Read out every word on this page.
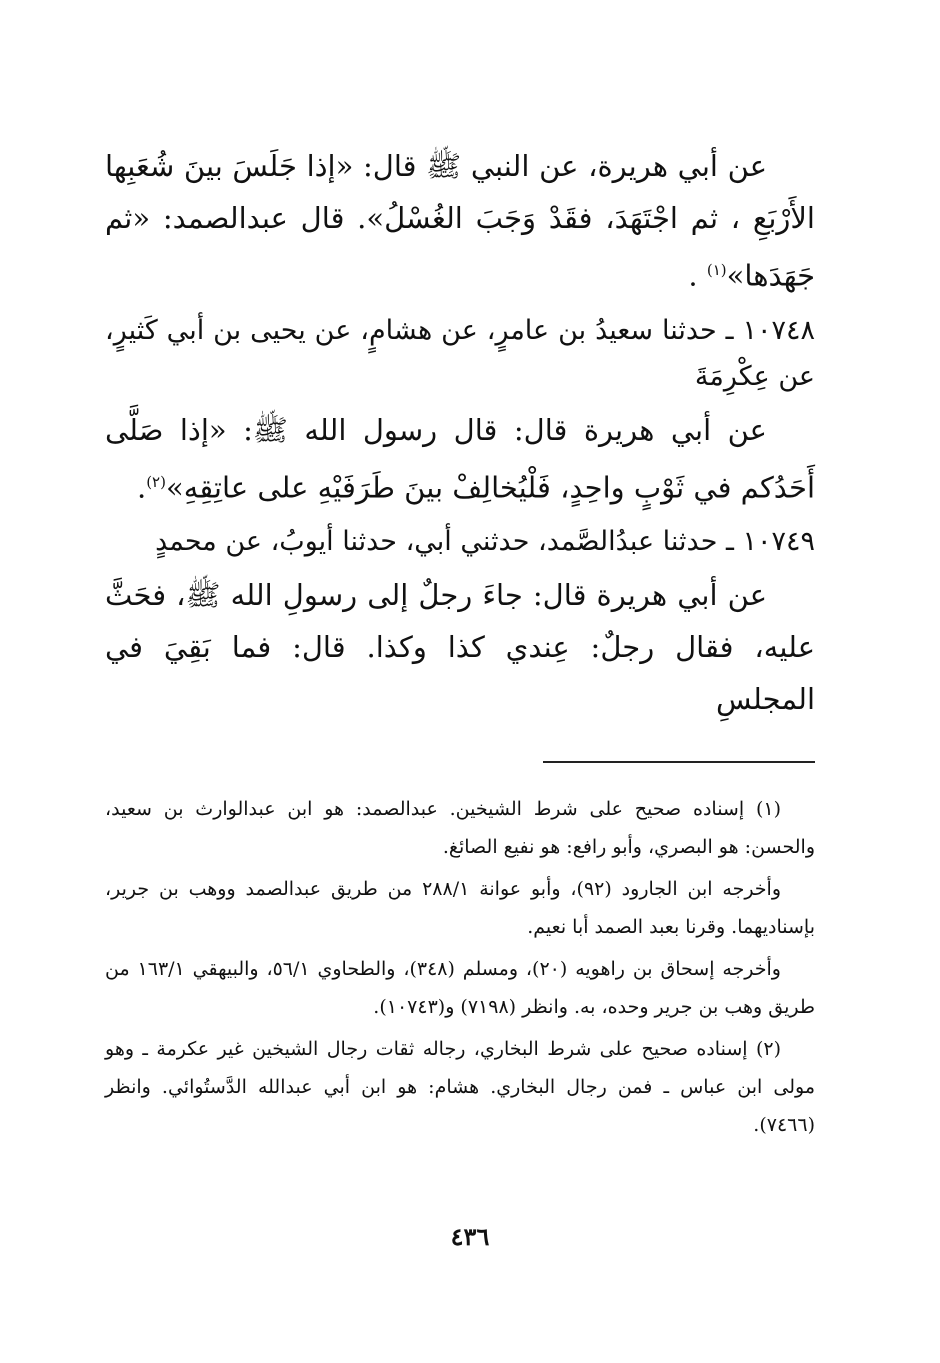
عن أبي هريرة، عن النبي ﷺ قال: «إذا جَلَسَ بينَ شُعَبِها الأَرْبَعِ ، ثم اجْتَهَدَ، فقَدْ وَجَبَ الغُسْلُ». قال عبدالصمد: «ثم جَهَدَها»$^{(١)}$ .

١٠٧٤٨ ـ حدثنا سعيدُ بن عامرٍ، عن هشامٍ، عن يحيى بن أبي كَثيرٍ، عن عِكْرِمَةَ

عن أبي هريرة قال: قال رسول الله ﷺ: «إذا صَلَّى أَحَدُكم في ثَوْبٍ واحِدٍ، فَلْيُخالِفْ بينَ طَرَفَيْهِ على عاتِقِهِ»$^{(٢)}$.

١٠٧٤٩ ـ حدثنا عبدُالصَّمد، حدثني أبي، حدثنا أيوبُ، عن محمدٍ

عن أبي هريرة قال: جاءَ رجلٌ إلى رسولِ الله ﷺ، فحَثَّ عليه، فقال رجلٌ: عِندي كذا وكذا. قال: فما بَقِيَ في المجلسِ

(١) إسناده صحيح على شرط الشيخين. عبدالصمد: هو ابن عبدالوارث بن سعيد، والحسن: هو البصري، وأبو رافع: هو نفيع الصائغ.

وأخرجه ابن الجارود (٩٢)، وأبو عوانة ٢٨٨/١ من طريق عبدالصمد ووهب بن جرير، بإسناديهما. وقرنا بعبد الصمد أبا نعيم.

وأخرجه إسحاق بن راهويه (٢٠)، ومسلم (٣٤٨)، والطحاوي ٥٦/١، والبيهقي ١٦٣/١ من طريق وهب بن جرير وحده، به. وانظر (٧١٩٨) و(١٠٧٤٣).

(٢) إسناده صحيح على شرط البخاري، رجاله ثقات رجال الشيخين غير عكرمة ـ وهو مولى ابن عباس ـ فمن رجال البخاري. هشام: هو ابن أبي عبدالله الدَّستُوائي. وانظر (٧٤٦٦).

٤٣٦
